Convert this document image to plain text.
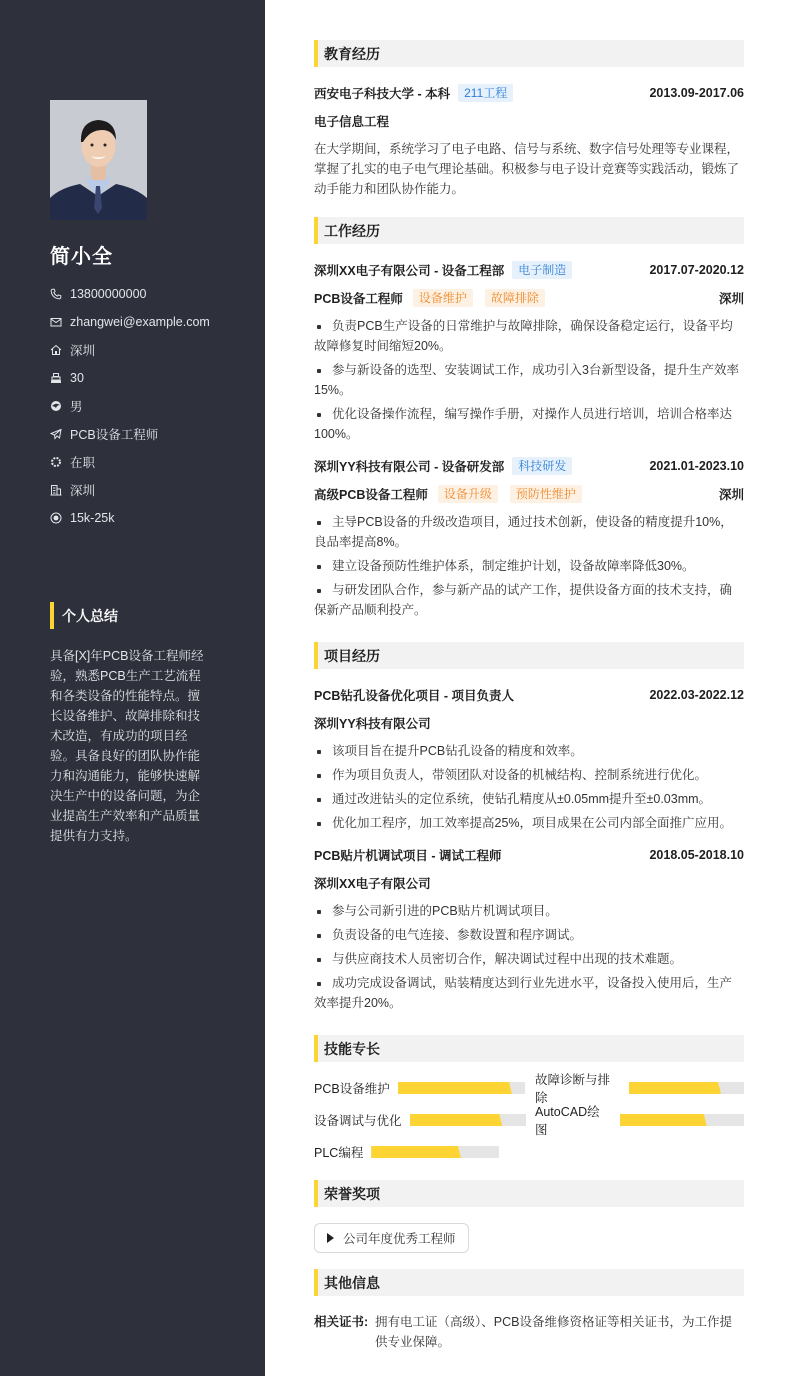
简小全
13800000000
zhangwei@example.com
深圳
30
男
PCB设备工程师
在职
深圳
15k-25k
个人总结
具备[X]年PCB设备工程师经验，熟悉PCB生产工艺流程和各类设备的性能特点。擅长设备维护、故障排除和技术改造，有成功的项目经验。具备良好的团队协作能力和沟通能力，能够快速解决生产中的设备问题，为企业提高生产效率和产品质量提供有力支持。
教育经历
西安电子科技大学 - 本科	211工程	2013.09-2017.06
电子信息工程
在大学期间，系统学习了电子电路、信号与系统、数字信号处理等专业课程，掌握了扎实的电子电气理论基础。积极参与电子设计竞赛等实践活动，锻炼了动手能力和团队协作能力。
工作经历
深圳XX电子有限公司 - 设备工程部	电子制造	2017.07-2020.12
PCB设备工程师	设备维护	故障排除	深圳
负责PCB生产设备的日常维护与故障排除，确保设备稳定运行，设备平均故障修复时间缩短20%。
参与新设备的选型、安装调试工作，成功引入3台新型设备，提升生产效率15%。
优化设备操作流程，编写操作手册，对操作人员进行培训，培训合格率达100%。
深圳YY科技有限公司 - 设备研发部	科技研发	2021.01-2023.10
高级PCB设备工程师	设备升级	预防性维护	深圳
主导PCB设备的升级改造项目，通过技术创新，使设备的精度提升10%，良品率提高8%。
建立设备预防性维护体系，制定维护计划，设备故障率降低30%。
与研发团队合作，参与新产品的试产工作，提供设备方面的技术支持，确保新产品顺利投产。
项目经历
PCB钻孔设备优化项目 - 项目负责人	2022.03-2022.12
深圳YY科技有限公司
该项目旨在提升PCB钻孔设备的精度和效率。
作为项目负责人，带领团队对设备的机械结构、控制系统进行优化。
通过改进钻头的定位系统，使钻孔精度从±0.05mm提升至±0.03mm。
优化加工程序，加工效率提高25%，项目成果在公司内部全面推广应用。
PCB贴片机调试项目 - 调试工程师	2018.05-2018.10
深圳XX电子有限公司
参与公司新引进的PCB贴片机调试项目。
负责设备的电气连接、参数设置和程序调试。
与供应商技术人员密切合作，解决调试过程中出现的技术难题。
成功完成设备调试，贴装精度达到行业先进水平，设备投入使用后，生产效率提升20%。
技能专长
PCB设备维护
故障诊断与排除
设备调试与优化
AutoCAD绘图
PLC编程
荣誉奖项
公司年度优秀工程师
其他信息
相关证书: 拥有电工证（高级）、PCB设备维修资格证等相关证书，为工作提供专业保障。
